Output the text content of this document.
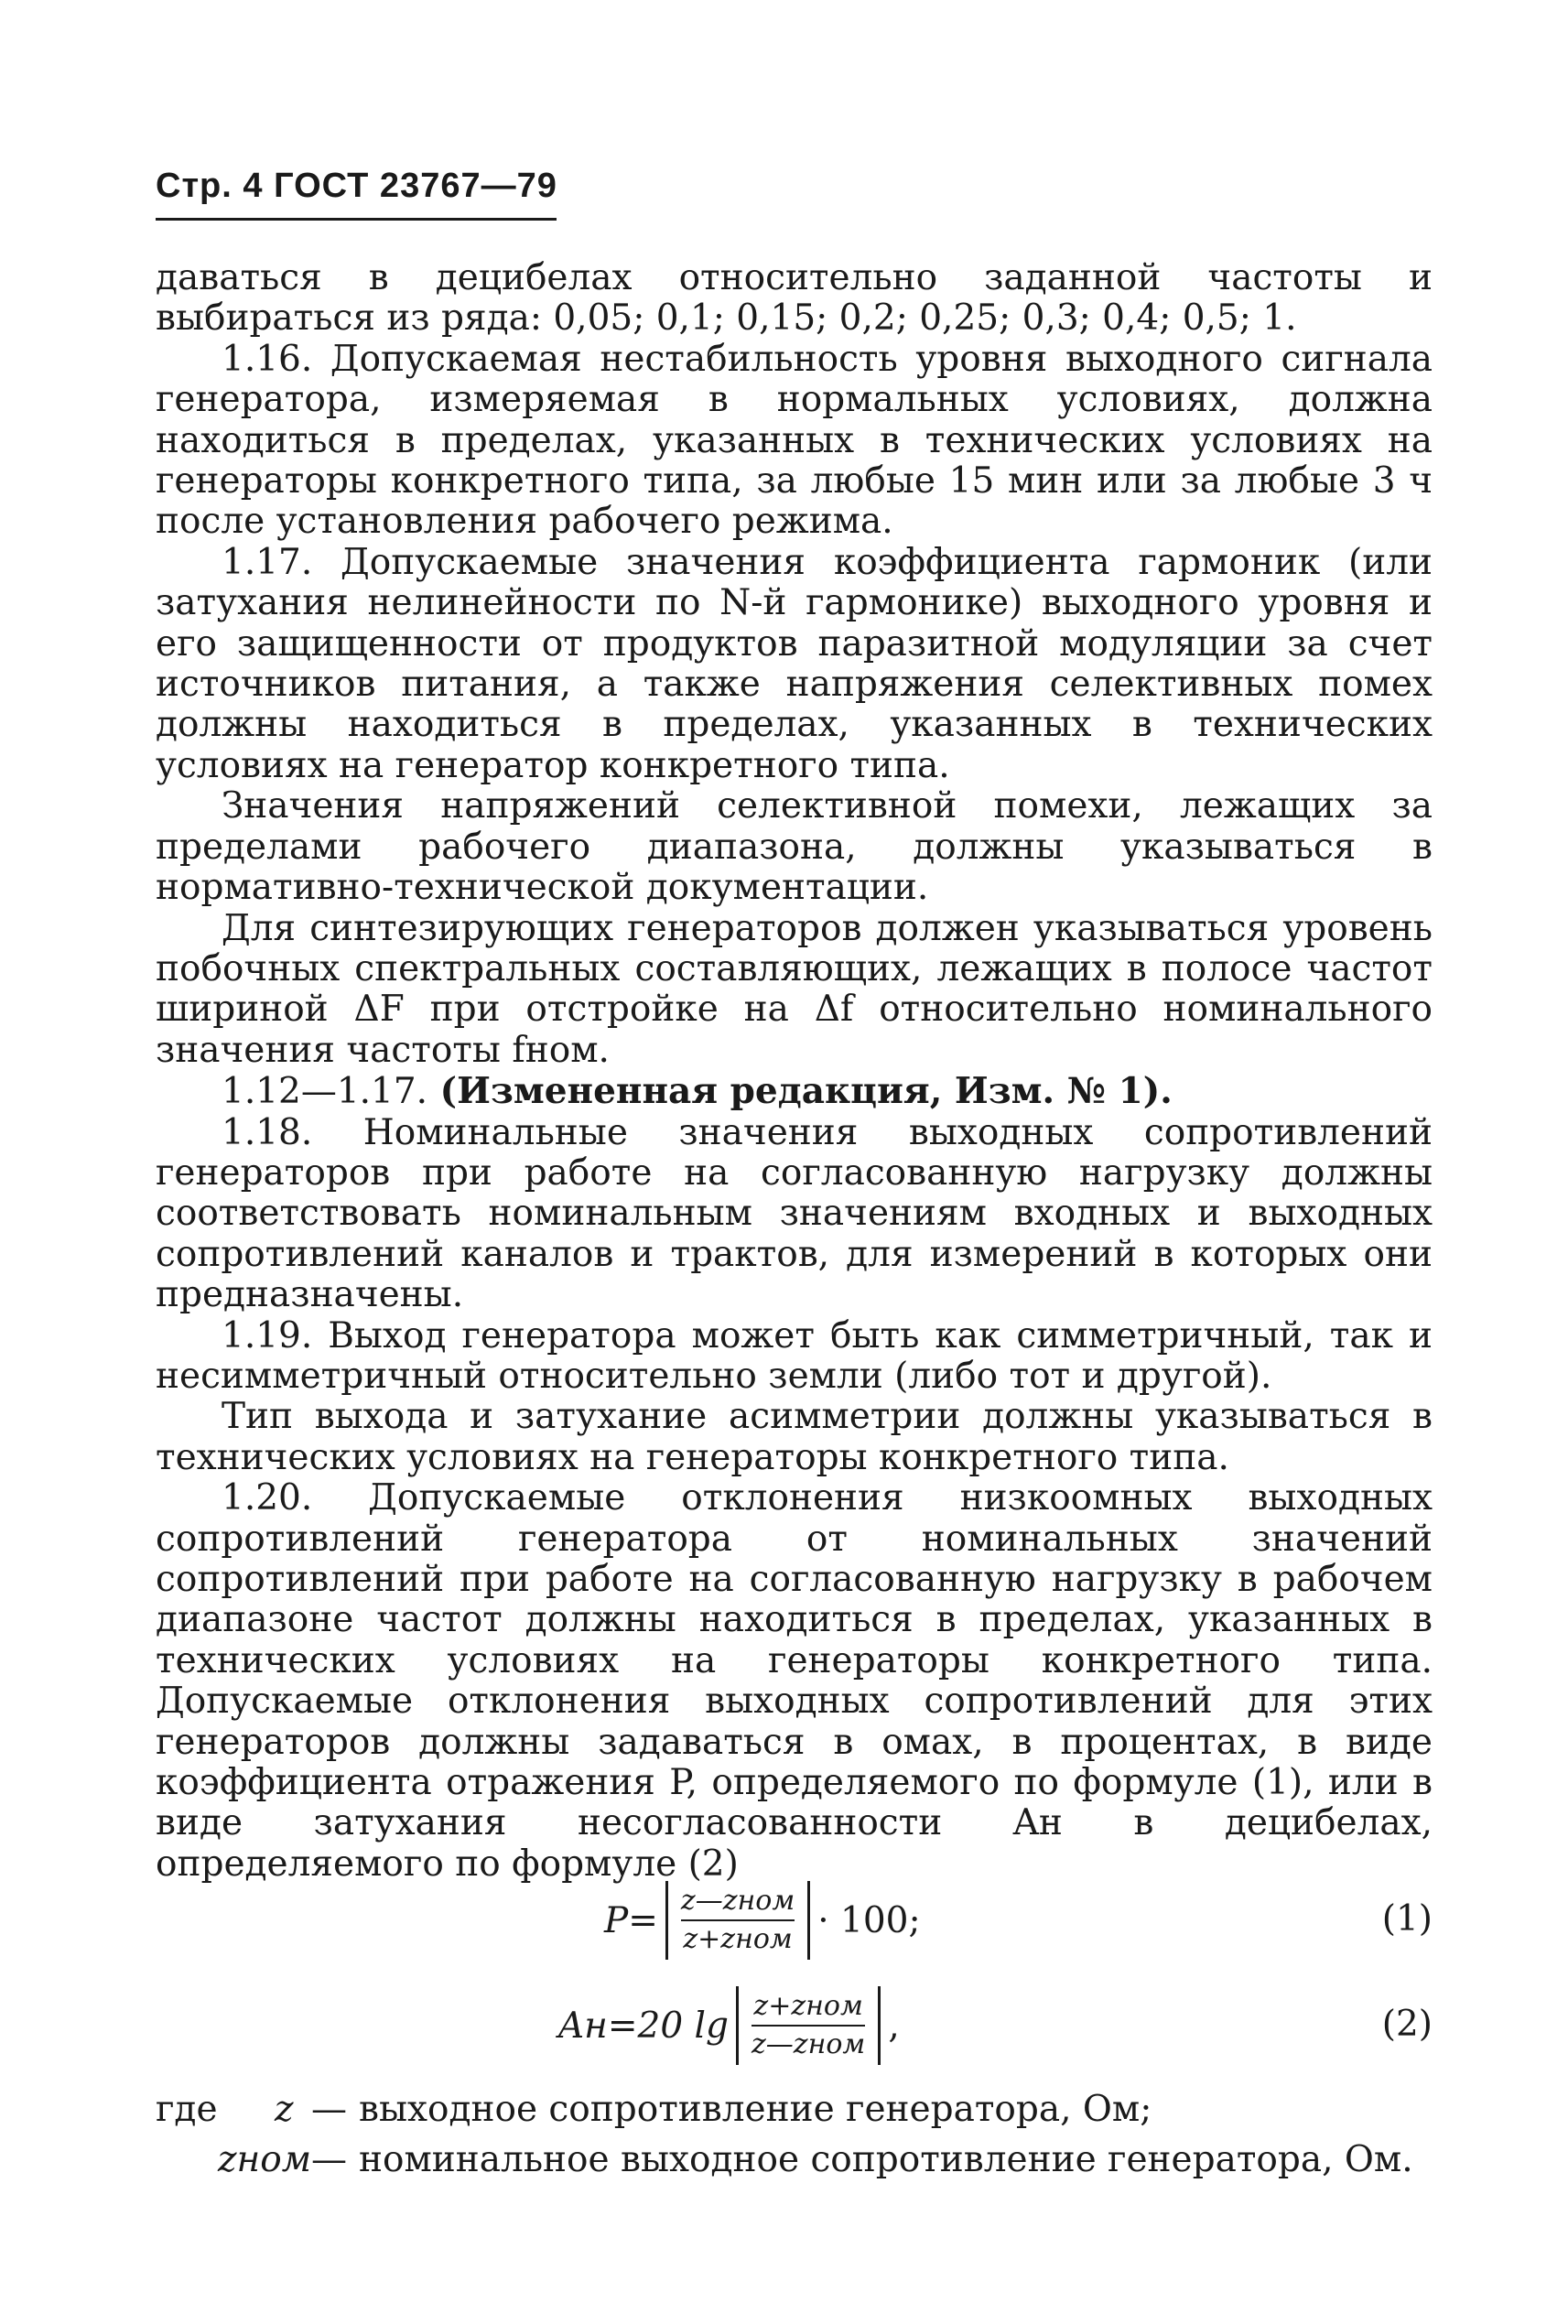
Стр. 4 ГОСТ 23767—79

даваться в децибелах относительно заданной частоты и выбираться из ряда: 0,05; 0,1; 0,15; 0,2; 0,25; 0,3; 0,4; 0,5; 1.

1.16. Допускаемая нестабильность уровня выходного сигнала генератора, измеряемая в нормальных условиях, должна находиться в пределах, указанных в технических условиях на генераторы конкретного типа, за любые 15 мин или за любые 3 ч после установления рабочего режима.

1.17. Допускаемые значения коэффициента гармоник (или затухания нелинейности по N-й гармонике) выходного уровня и его защищенности от продуктов паразитной модуляции за счет источников питания, а также напряжения селективных помех должны находиться в пределах, указанных в технических условиях на генератор конкретного типа.

Значения напряжений селективной помехи, лежащих за пределами рабочего диапазона, должны указываться в нормативно-технической документации.

Для синтезирующих генераторов должен указываться уровень побочных спектральных составляющих, лежащих в полосе частот шириной ΔF при отстройке на Δf относительно номинального значения частоты fном.

1.12—1.17. (Измененная редакция, Изм. № 1).

1.18. Номинальные значения выходных сопротивлений генераторов при работе на согласованную нагрузку должны соответствовать номинальным значениям входных и выходных сопротивлений каналов и трактов, для измерений в которых они предназначены.

1.19. Выход генератора может быть как симметричный, так и несимметричный относительно земли (либо тот и другой).

Тип выхода и затухание асимметрии должны указываться в технических условиях на генераторы конкретного типа.

1.20. Допускаемые отклонения низкоомных выходных сопротивлений генератора от номинальных значений сопротивлений при работе на согласованную нагрузку в рабочем диапазоне частот должны находиться в пределах, указанных в технических условиях на генераторы конкретного типа. Допускаемые отклонения выходных сопротивлений для этих генераторов должны задаваться в омах, в процентах, в виде коэффициента отражения P, определяемого по формуле (1), или в виде затухания несогласованности Aн в децибелах, определяемого по формуле (2)

$P= \frac{\text{z—zном}}{\text{z+zном}} \cdot 100$;	(1)
Aн=20 $\lg \frac{\text{z+zном}}{\text{z—zном}}$ ,	(2)
где z — выходное сопротивление генератора, Ом;
zном — номинальное выходное сопротивление генератора, Ом.
